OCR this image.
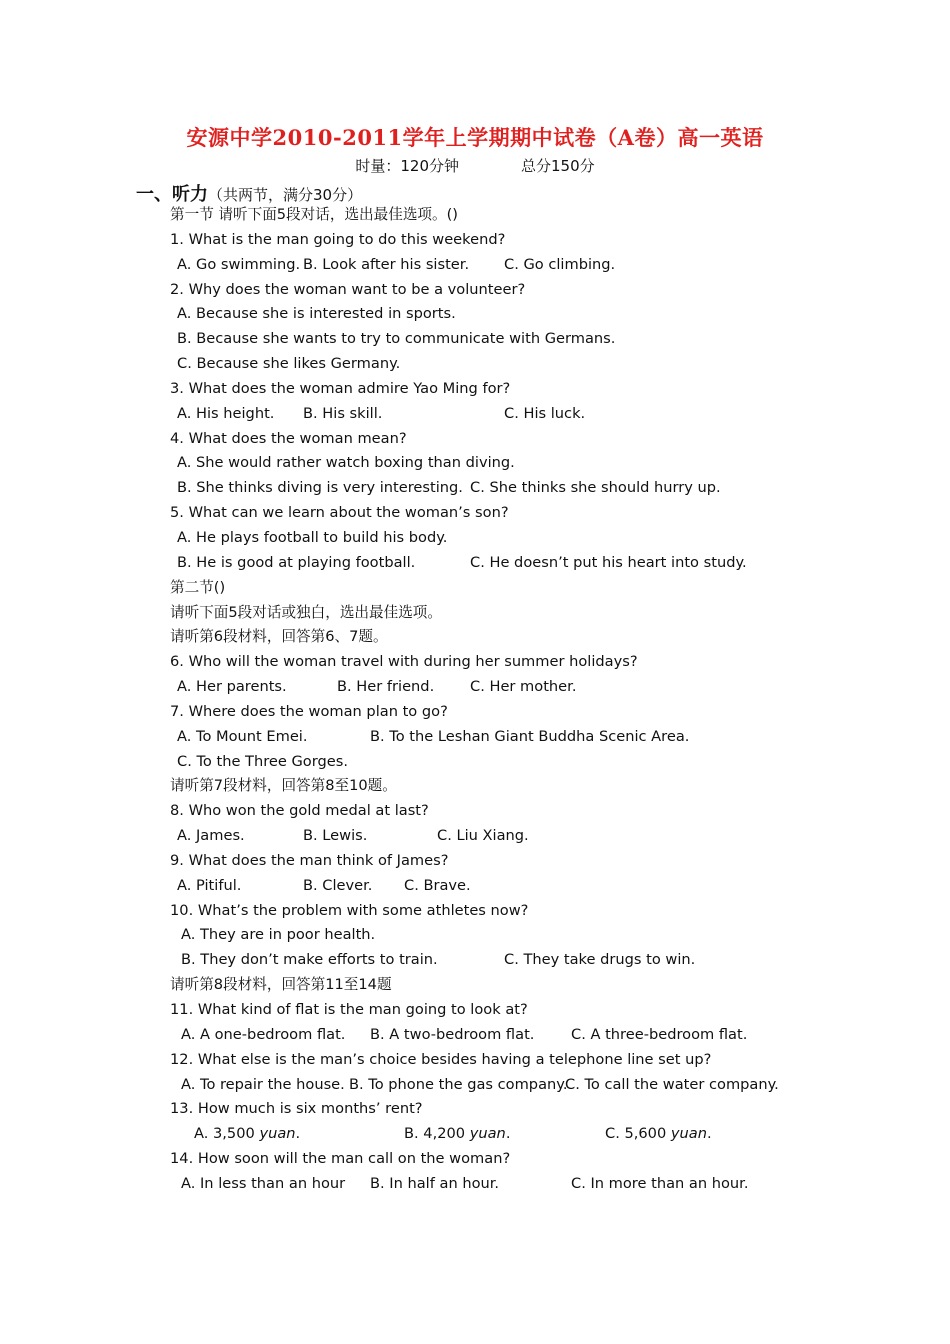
安源中学2010-2011学年上学期期中试卷（A卷）高一英语
时量：120分钟	总分150分
一、听力（共两节，满分30分）
第一节 请听下面5段对话，选出最佳选项。()
1. What is the man going to do this weekend?
A. Go swimming. B. Look after his sister. C. Go climbing.
2. Why does the woman want to be a volunteer?
A. Because she is interested in sports.
B. Because she wants to try to communicate with Germans.
C. Because she likes Germany.
3. What does the woman admire Yao Ming for?
A. His height. B. His skill.	C. His luck.
4. What does the woman mean?
A. She would rather watch boxing than diving.
B. She thinks diving is very interesting. C. She thinks she should hurry up.
5. What can we learn about the woman’s son?
A. He plays football to build his body.
B. He is good at playing football.	C. He doesn’t put his heart into study.
第二节()
请听下面5段对话或独白，选出最佳选项。
请听第6段材料，回答第6、7题。
6. Who will the woman travel with during her summer holidays?
A. Her parents.	B. Her friend. C. Her mother.
7. Where does the woman plan to go?
A. To Mount Emei.	B. To the Leshan Giant Buddha Scenic Area.
C. To the Three Gorges.
请听第7段材料，回答第8至10题。
8. Who won the gold medal at last?
A. James.	B. Lewis.	C. Liu Xiang.
9. What does the man think of James?
A. Pitiful.	B. Clever. C. Brave.
10. What’s the problem with some athletes now?
A. They are in poor health.
B. They don’t make efforts to train.	C. They take drugs to win.
请听第8段材料，回答第11至14题
11. What kind of flat is the man going to look at?
A. A one-bedroom flat. B. A two-bedroom flat.	C. A three-bedroom flat.
12. What else is the man’s choice besides having a telephone line set up?
A. To repair the house. B. To phone the gas company.
C. To call the water company.
13. How much is six months’ rent?
A. 3,500 yuan.	B. 4,200 yuan.	C. 5,600 yuan.
14. How soon will the man call on the woman?
A. In less than an hour B. In half an hour.	C. In more than an hour.
